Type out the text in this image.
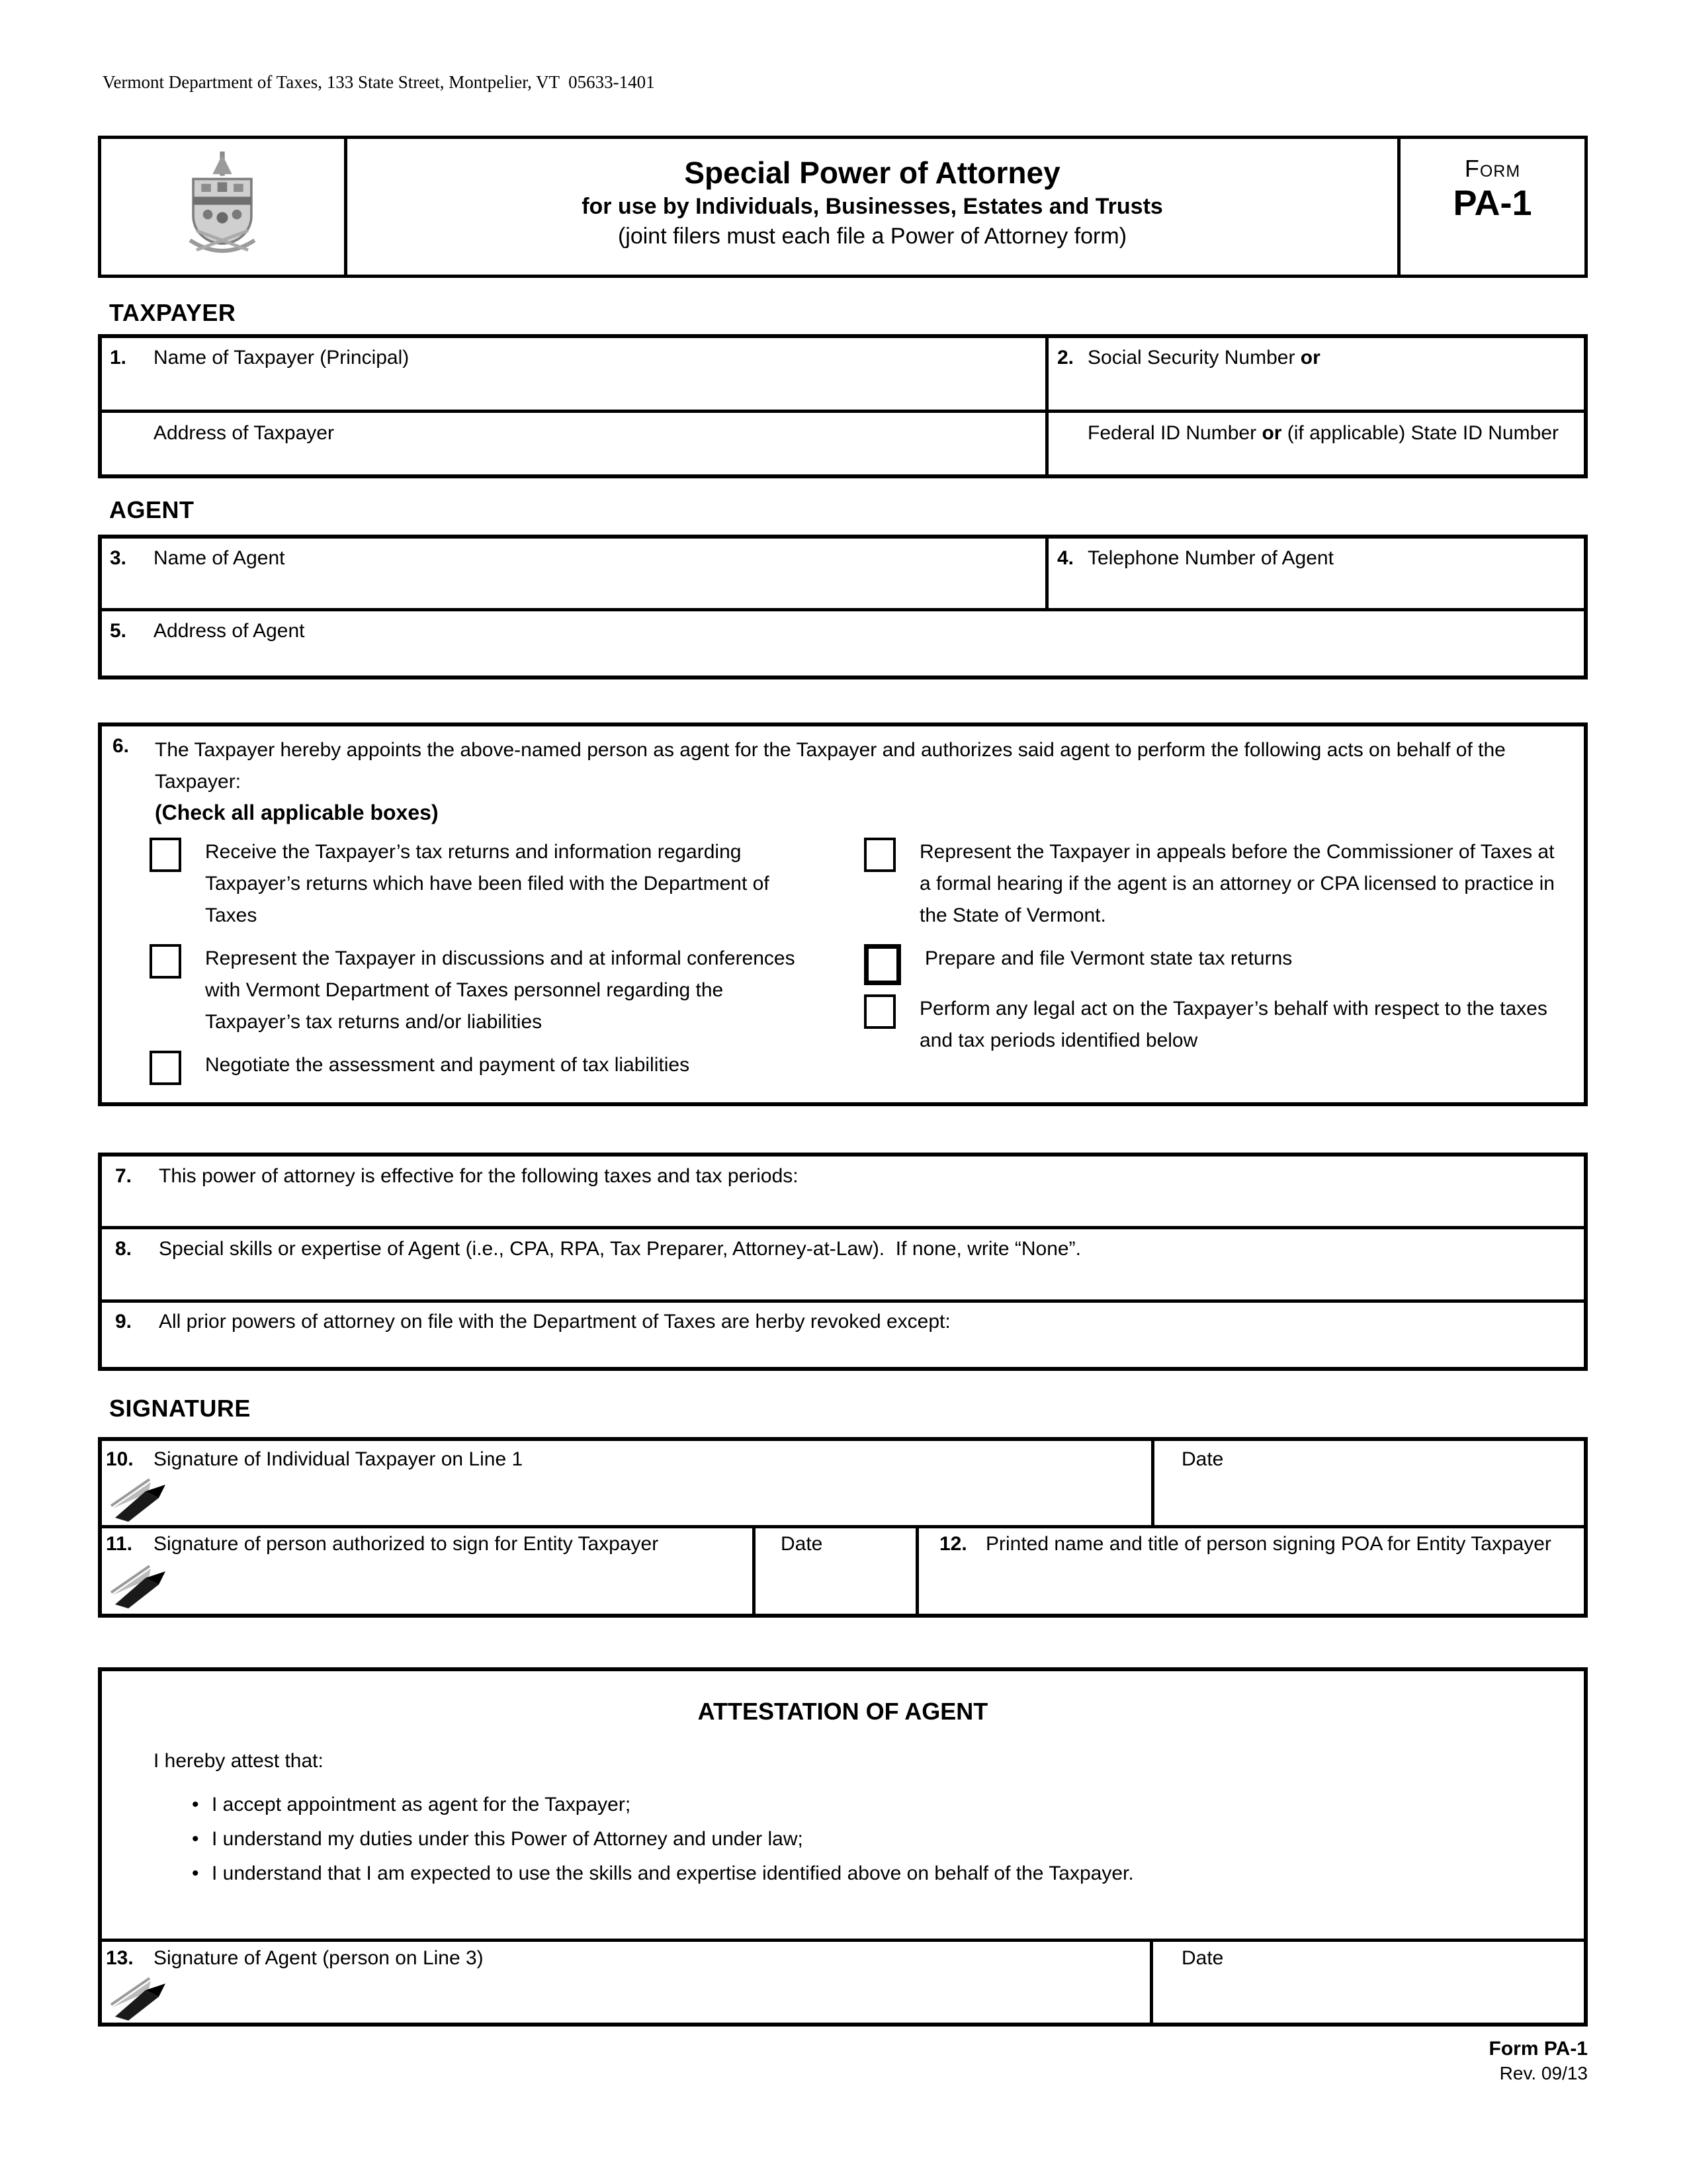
Vermont Department of Taxes, 133 State Street, Montpelier, VT  05633-1401
Special Power of Attorney
for use by Individuals, Businesses, Estates and Trusts
(joint filers must each file a Power of Attorney form)
Form
PA-1
TAXPAYER
1. Name of Taxpayer (Principal)	2. Social Security Number or
Address of Taxpayer	Federal ID Number or (if applicable) State ID Number
AGENT
3. Name of Agent	4. Telephone Number of Agent
5. Address of Agent
6. The Taxpayer hereby appoints the above-named person as agent for the Taxpayer and authorizes said agent to perform the following acts on behalf of the Taxpayer:
(Check all applicable boxes)
Receive the Taxpayer’s tax returns and information regarding Taxpayer’s returns which have been filed with the Department of Taxes
Represent the Taxpayer in discussions and at informal conferences with Vermont Department of Taxes personnel regarding the Taxpayer’s tax returns and/or liabilities
Negotiate the assessment and payment of tax liabilities
Represent the Taxpayer in appeals before the Commissioner of Taxes at a formal hearing if the agent is an attorney or CPA licensed to practice in the State of Vermont.
Prepare and file Vermont state tax returns
Perform any legal act on the Taxpayer’s behalf with respect to the taxes and tax periods identified below
7. This power of attorney is effective for the following taxes and tax periods:
8. Special skills or expertise of Agent (i.e., CPA, RPA, Tax Preparer, Attorney-at-Law).  If none, write “None”.
9. All prior powers of attorney on file with the Department of Taxes are herby revoked except:
SIGNATURE
10. Signature of Individual Taxpayer on Line 1	Date
11. Signature of person authorized to sign for Entity Taxpayer	Date	12. Printed name and title of person signing POA for Entity Taxpayer
ATTESTATION OF AGENT
I hereby attest that:
• I accept appointment as agent for the Taxpayer;
• I understand my duties under this Power of Attorney and under law;
• I understand that I am expected to use the skills and expertise identified above on behalf of the Taxpayer.
13. Signature of Agent (person on Line 3)	Date
Form PA-1
Rev. 09/13
